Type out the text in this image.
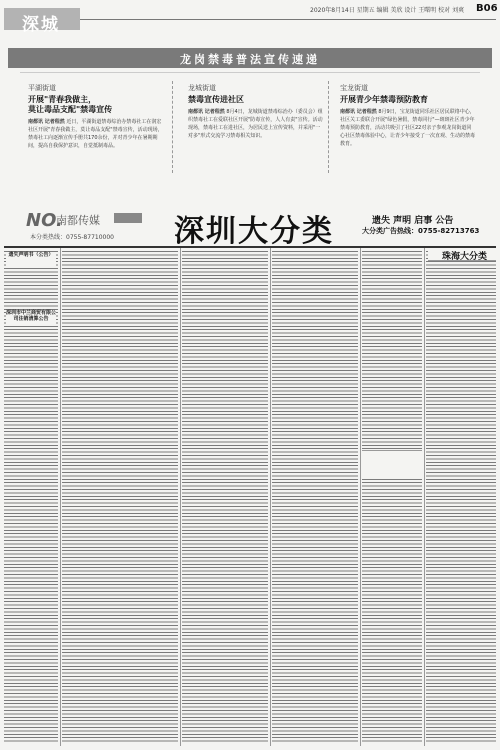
深城
2020年8月14日 星期五 编辑 美欣 设计 王曙明 校对 刘爽 B06
龙岗禁毒普法宣传速递
平湖街道
开展"青春我做主，
莫让毒品支配"禁毒宣传
南都讯 记者程然 近日，平湖街道禁毒综治办禁毒社工在润宏社区开展"青春我做主，莫让毒品支配"禁毒宣传，活动现场，禁毒社工向逐渐宣传手册共170余份，并对青少年在暑期期间，提高自我保护意识，自觉抵制毒品。
龙城街道
禁毒宣传进社区
南都讯 记者程然 8月4日，龙城街道禁毒综治办（委员会）组织禁毒社工在爱联社区开展"防毒宣传，人人有责"宣传。活动现场，禁毒社工在进社区，为居民送上宣传资料，并采用"一对多"形式交流学习禁毒相关知识。
宝龙街道
开展青少年禁毒预防教育
南都讯 记者程然 8月9日，宝龙街道同乐社区居民联络中心，社区关工委联合开展"绿色暑假，禁毒同行"—斑斑社区青少年禁毒预防教育，活动共吸引了社区22对亲子参观龙岗街道同心社区禁毒体验中心，让青少年接受了一次直观、生动的禁毒教育。
NO.
南都传媒
本分类热线：0755-87710000 深圳大分类	遗失 声明 启事 公告
大分类广告热线：0755-82713763
遗失声明书（公告）
深圳市中兰商贸有限公司注销清算公告
珠海大分类
